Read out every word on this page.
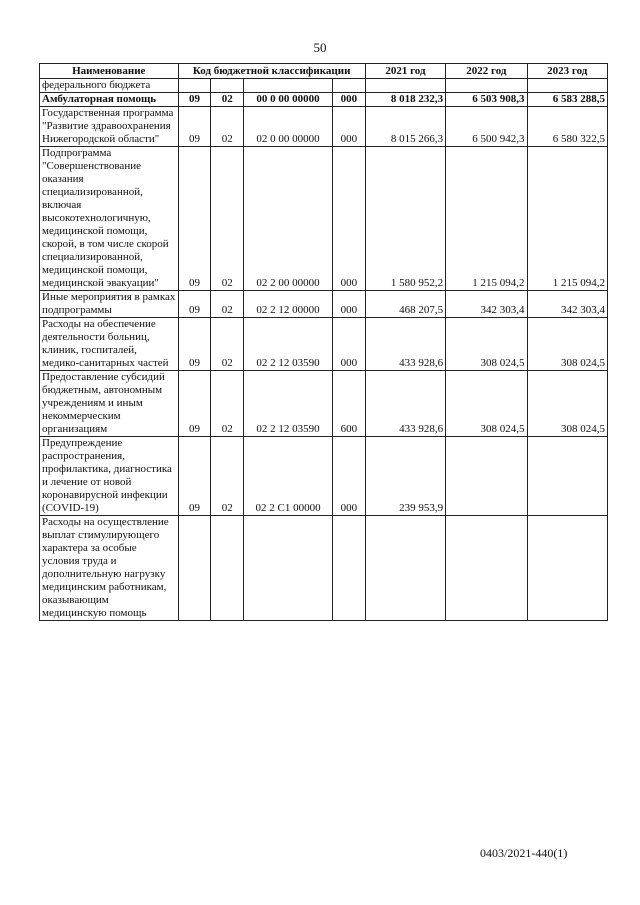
50
Наименование	Код бюджетной классификации				2021 год	2022 год	2023 год
федерального бюджета							
Амбулаторная помощь	09	02	00 0 00 00000	000	8 018 232,3	6 503 908,3	6 583 288,5
Государственная программа "Развитие здравоохранения Нижегородской области"	09	02	02 0 00 00000	000	8 015 266,3	6 500 942,3	6 580 322,5
Подпрограмма "Совершенствование оказания специализированной, включая высокотехнологичную, медицинской помощи, скорой, в том числе скорой специализированной, медицинской помощи, медицинской эвакуации"	09	02	02 2 00 00000	000	1 580 952,2	1 215 094,2	1 215 094,2
Иные мероприятия в рамках подпрограммы	09	02	02 2 12 00000	000	468 207,5	342 303,4	342 303,4
Расходы на обеспечение деятельности больниц, клиник, госпиталей, медико-санитарных частей	09	02	02 2 12 03590	000	433 928,6	308 024,5	308 024,5
Предоставление субсидий бюджетным, автономным учреждениям и иным некоммерческим организациям	09	02	02 2 12 03590	600	433 928,6	308 024,5	308 024,5
Предупреждение распространения, профилактика, диагностика и лечение от новой коронавирусной инфекции (COVID-19)	09	02	02 2 C1 00000	000	239 953,9		
Расходы на осуществление выплат стимулирующего характера за особые условия труда и дополнительную нагрузку медицинским работникам, оказывающим медицинскую помощь							
0403/2021-440(1)
